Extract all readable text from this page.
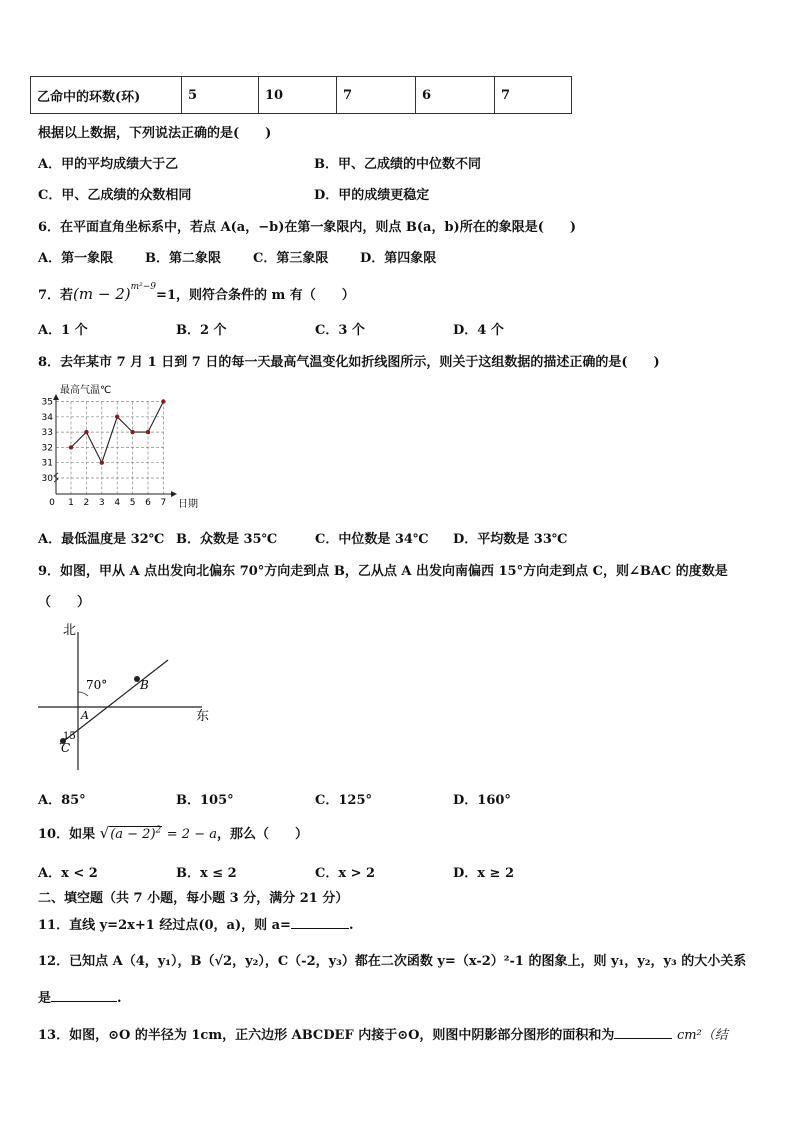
乙命中的环数(环)	5	10	7	6	7
根据以上数据，下列说法正确的是(　　)
A．甲的平均成绩大于乙	B．甲、乙成绩的中位数不同
C．甲、乙成绩的众数相同	D．甲的成绩更稳定
6．在平面直角坐标系中，若点 A(a，−b)在第一象限内，则点 B(a，b)所在的象限是(　　)
A．第一象限 B．第二象限 C．第三象限 D．第四象限
7．若$(m - 2)^{m^2-9}=1$，则符合条件的 m 有（　　）
A．1 个	B．2 个	C．3 个	D．4 个
8．去年某市 7 月 1 日到 7 日的每一天最高气温变化如折线图所示，则关于这组数据的描述正确的是(　　)
最高气温℃
日期
30
31
32
33
34
35
0 1 2 3 4 5 6 7
A．最低温度是 32℃ B．众数是 35℃	C．中位数是 34℃ D．平均数是 33℃
9．如图，甲从 A 点出发向北偏东 70°方向走到点 B，乙从点 A 出发向南偏西 15°方向走到点 C，则∠BAC 的度数是
（　　）
北
东
70°
15
B
A
C
A．85°	B．105°	C．125°	D．160°
10．如果 $√(a - 2)^2 = 2 - a$，那么（　　）
A．x < 2	B．x ≤ 2	C．x > 2	D．x ≥ 2
二、填空题（共 7 小题，每小题 3 分，满分 21 分）
11．直线 y=2x+1 经过点(0，a)，则 a=	.
12．已知点 A（4，y₁），B（√2，y₂），C（-2，y₃）都在二次函数 y=（x-2）²-1 的图象上，则 y₁，y₂，y₃ 的大小关系
是	.
13．如图，⊙O 的半径为 1cm，正六边形 ABCDEF 内接于⊙O，则图中阴影部分图形的面积和为	cm²（结
